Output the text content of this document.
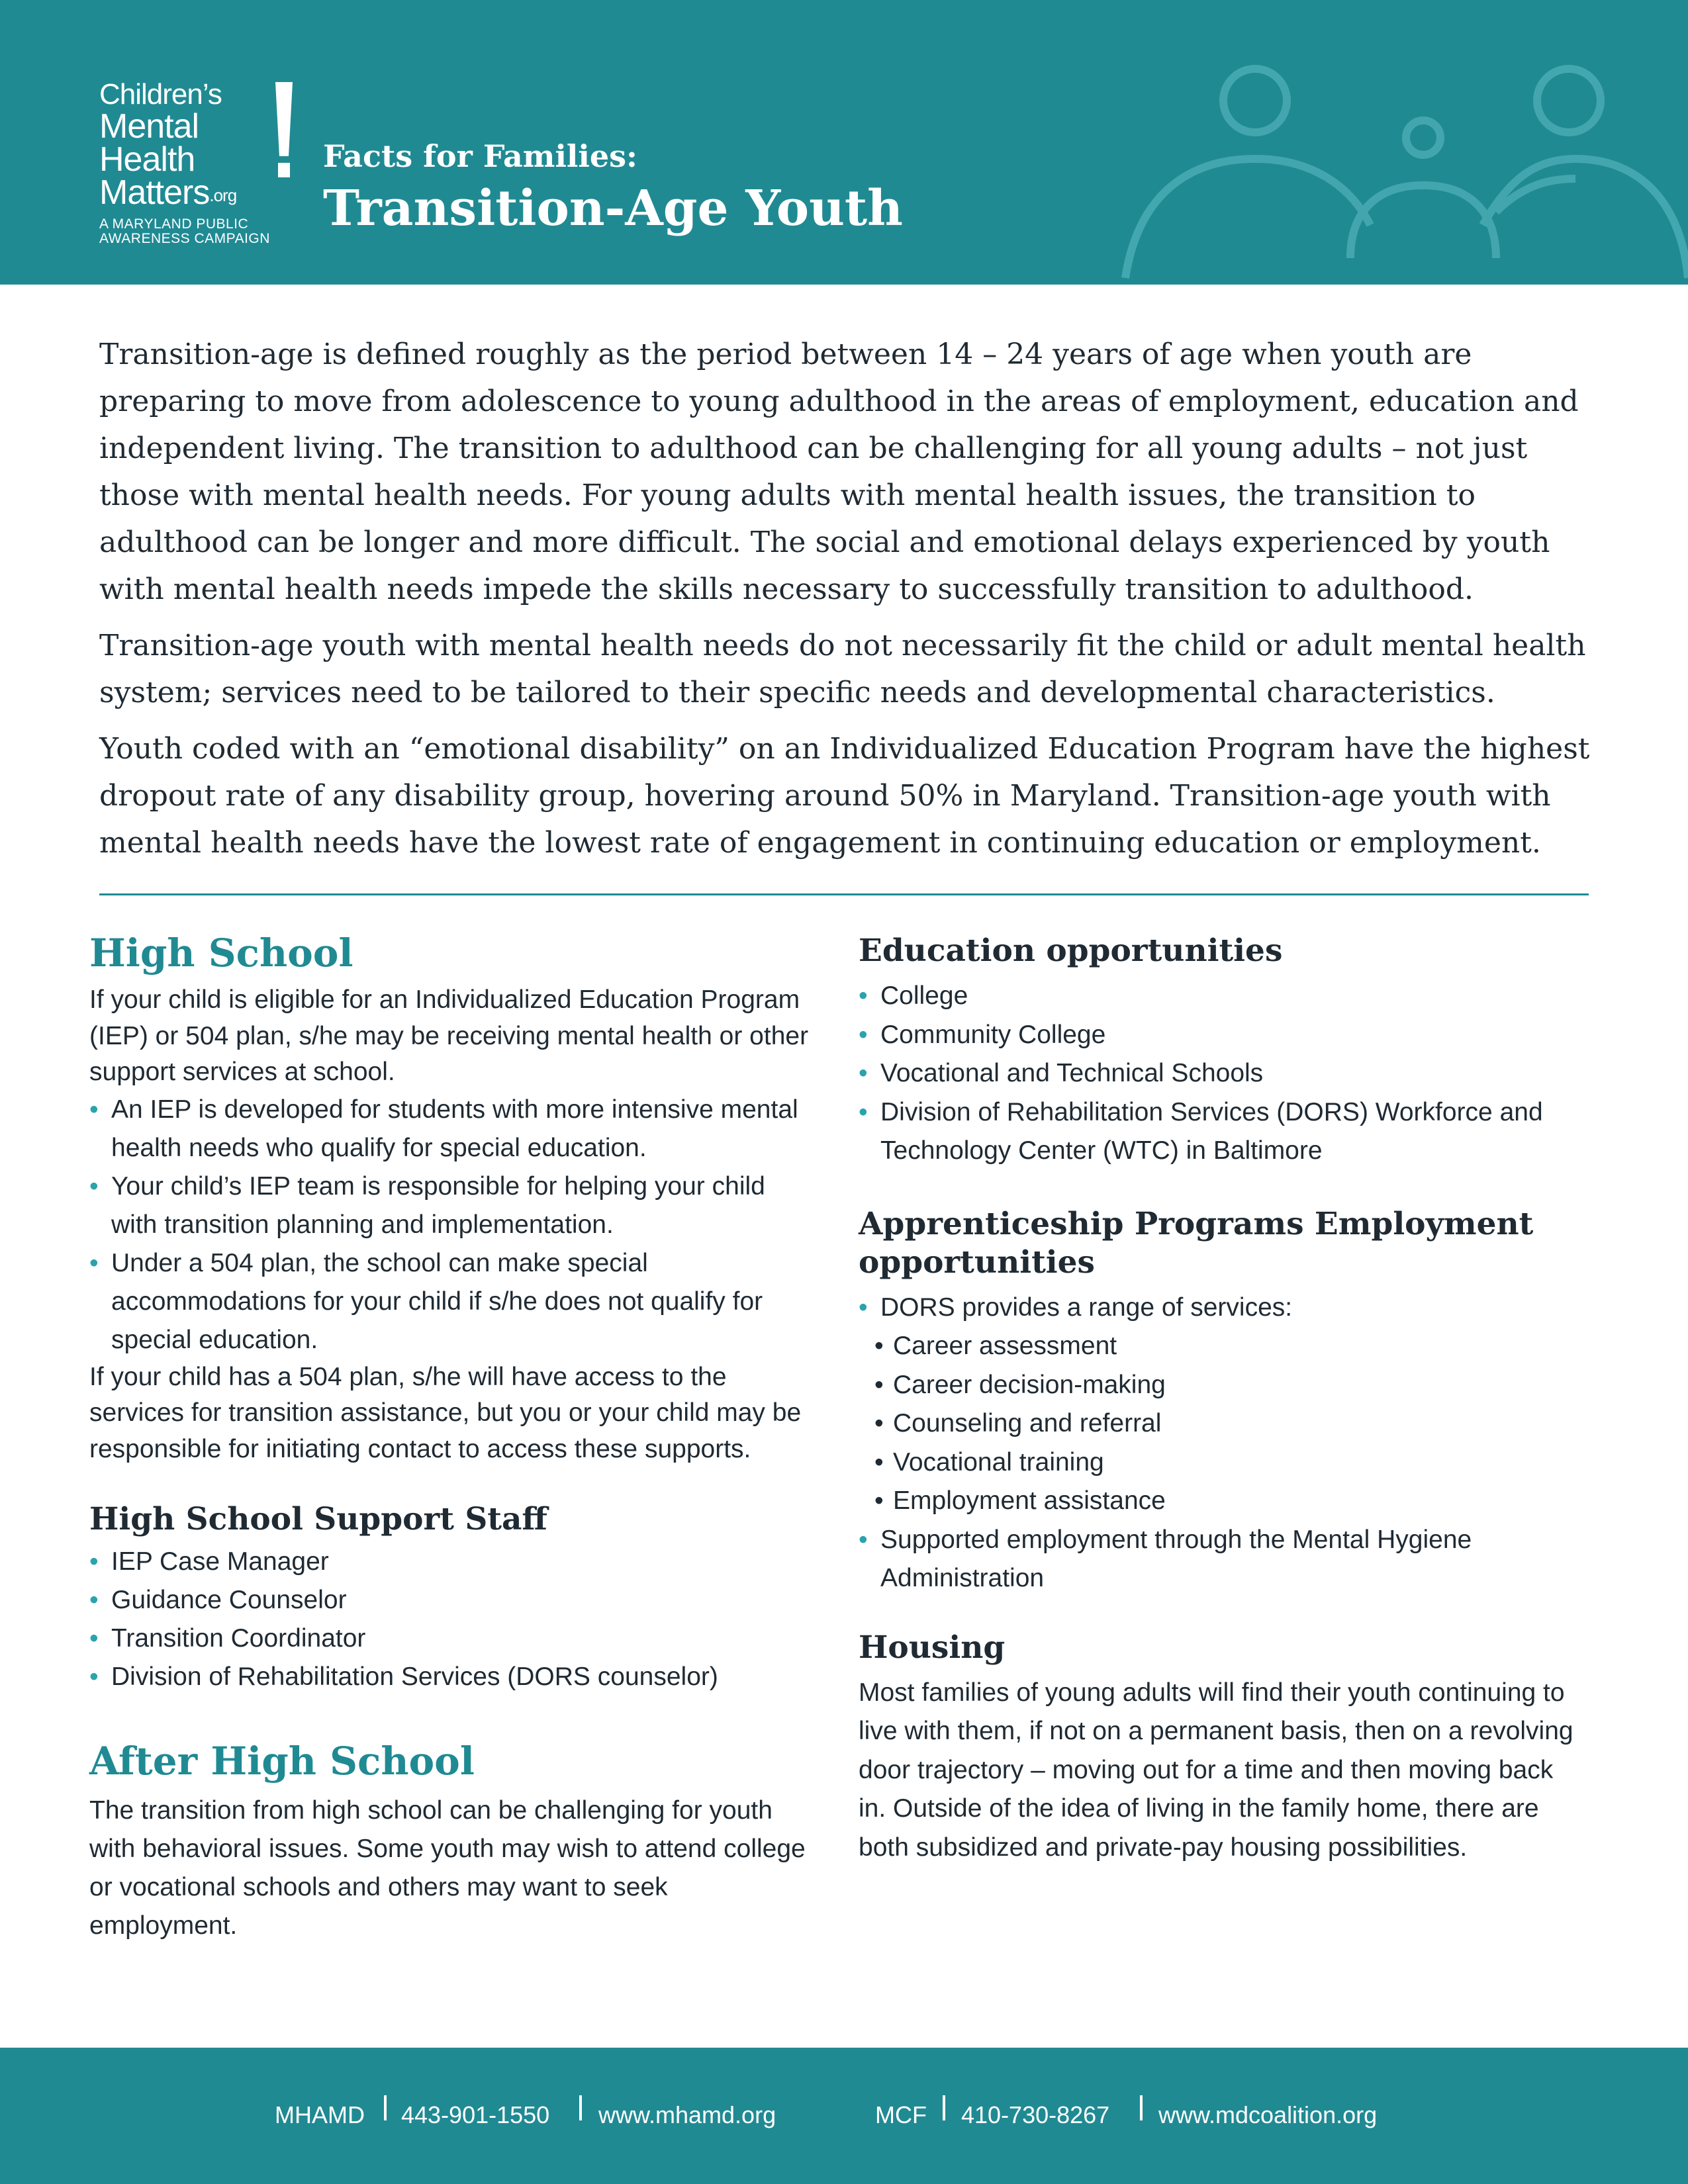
Children’s
Mental
Health
Matters.org
A MARYLAND PUBLIC
AWARENESS CAMPAIGN
Facts for Families:
Transition-Age Youth

Transition-age is defined roughly as the period between 14 – 24 years of age when youth are preparing to move from adolescence to young adulthood in the areas of employment, education and independent living. The transition to adulthood can be challenging for all young adults – not just those with mental health needs. For young adults with mental health issues, the transition to adulthood can be longer and more difficult. The social and emotional delays experienced by youth with mental health needs impede the skills necessary to successfully transition to adulthood.

Transition-age youth with mental health needs do not necessarily fit the child or adult mental health system; services need to be tailored to their specific needs and developmental characteristics.

Youth coded with an “emotional disability” on an Individualized Education Program have the highest dropout rate of any disability group, hovering around 50% in Maryland. Transition-age youth with mental health needs have the lowest rate of engagement in continuing education or employment.

High School

If your child is eligible for an Individualized Education Program (IEP) or 504 plan, s/he may be receiving mental health or other support services at school.

• An IEP is developed for students with more intensive mental health needs who qualify for special education.
• Your child’s IEP team is responsible for helping your child with transition planning and implementation.
• Under a 504 plan, the school can make special accommodations for your child if s/he does not qualify for special education.

If your child has a 504 plan, s/he will have access to the services for transition assistance, but you or your child may be responsible for initiating contact to access these supports.

High School Support Staff
• IEP Case Manager
• Guidance Counselor
• Transition Coordinator
• Division of Rehabilitation Services (DORS counselor)
After High School

The transition from high school can be challenging for youth with behavioral issues. Some youth may wish to attend college or vocational schools and others may want to seek employment.

Education opportunities
• College
• Community College
• Vocational and Technical Schools
• Division of Rehabilitation Services (DORS) Workforce and Technology Center (WTC) in Baltimore
Apprenticeship Programs Employment opportunities
• DORS provides a range of services:
• Career assessment
• Career decision-making
• Counseling and referral
• Vocational training
• Employment assistance
• Supported employment through the Mental Hygiene Administration
Housing

Most families of young adults will find their youth continuing to live with them, if not on a permanent basis, then on a revolving door trajectory – moving out for a time and then moving back in. Outside of the idea of living in the family home, there are both subsidized and private-pay housing possibilities.

MHAMD 443-901-1550 www.mhamd.org	MCF 410-730-8267 www.mdcoalition.org
